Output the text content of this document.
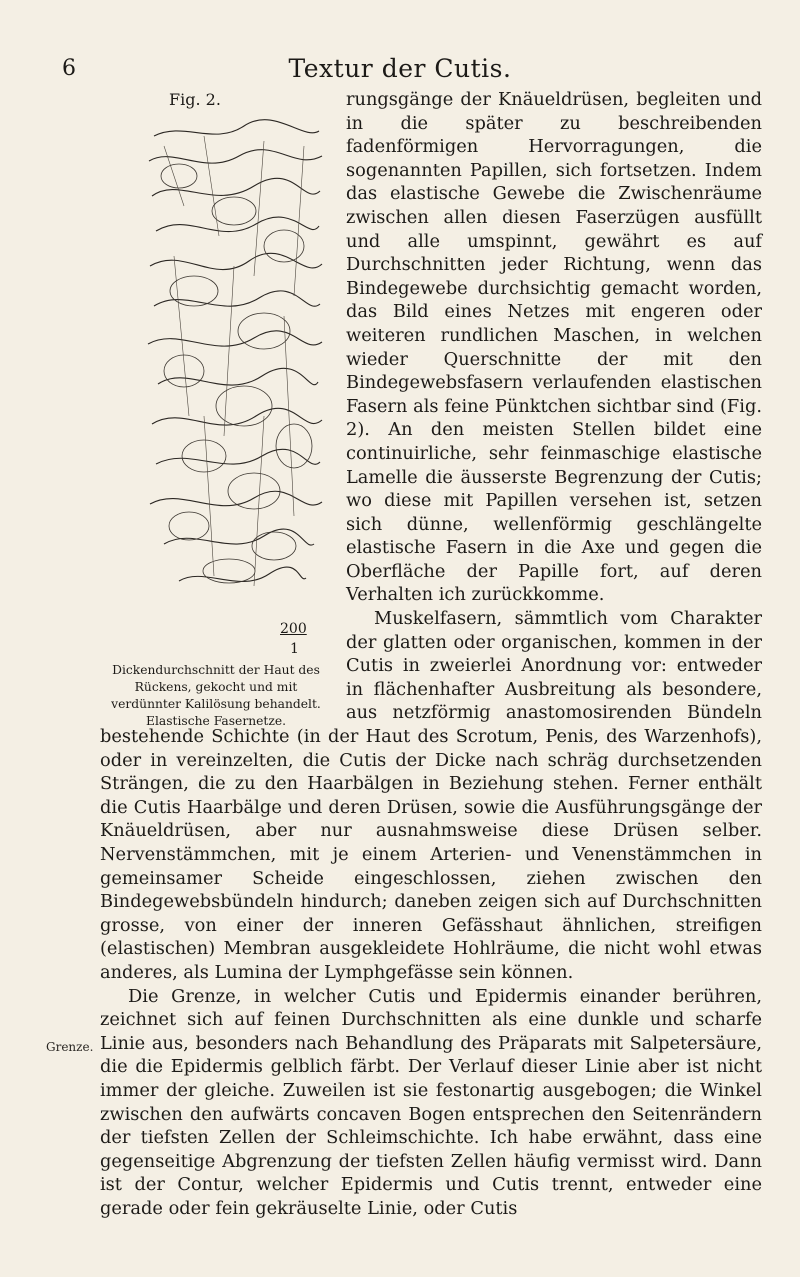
6	Textur der Cutis.
Grenze.
Fig. 2.
200
1
Dickendurchschnitt der Haut des Rückens, gekocht und mit verdünnter Kalilösung behandelt. Elastische Fasernetze.

rungsgänge der Knäueldrüsen, begleiten und in die später zu beschreibenden fadenförmigen Hervorragungen, die sogenannten Papillen, sich fortsetzen. Indem das elastische Gewebe die Zwischenräume zwischen allen diesen Faserzügen ausfüllt und alle umspinnt, gewährt es auf Durchschnitten jeder Richtung, wenn das Bindegewebe durchsichtig gemacht worden, das Bild eines Netzes mit engeren oder weiteren rundlichen Maschen, in welchen wieder Querschnitte der mit den Bindegewebsfasern verlaufenden elastischen Fasern als feine Pünktchen sichtbar sind (Fig. 2). An den meisten Stellen bildet eine continuirliche, sehr feinmaschige elastische Lamelle die äusserste Begrenzung der Cutis; wo diese mit Papillen versehen ist, setzen sich dünne, wellenförmig geschlängelte elastische Fasern in die Axe und gegen die Oberfläche der Papille fort, auf deren Verhalten ich zurückkomme.

Muskelfasern, sämmtlich vom Charakter der glatten oder organischen, kommen in der Cutis in zweierlei Anordnung vor: entweder in flächenhafter Ausbreitung als besondere, aus netzförmig anastomosirenden Bündeln bestehende Schichte (in der Haut des Scrotum, Penis, des Warzenhofs), oder in vereinzelten, die Cutis der Dicke nach schräg durchsetzenden Strängen, die zu den Haarbälgen in Beziehung stehen. Ferner enthält die Cutis Haarbälge und deren Drüsen, sowie die Ausführungsgänge der Knäueldrüsen, aber nur ausnahmsweise diese Drüsen selber. Nervenstämmchen, mit je einem Arterien- und Venenstämmchen in gemeinsamer Scheide eingeschlossen, ziehen zwischen den Bindegewebsbündeln hindurch; daneben zeigen sich auf Durchschnitten grosse, von einer der inneren Gefässhaut ähnlichen, streifigen (elastischen) Membran ausgekleidete Hohlräume, die nicht wohl etwas anderes, als Lumina der Lymphgefässe sein können.

Die Grenze, in welcher Cutis und Epidermis einander berühren, zeichnet sich auf feinen Durchschnitten als eine dunkle und scharfe Linie aus, besonders nach Behandlung des Präparats mit Salpetersäure, die die Epidermis gelblich färbt. Der Verlauf dieser Linie aber ist nicht immer der gleiche. Zuweilen ist sie festonartig ausgebogen; die Winkel zwischen den aufwärts concaven Bogen entsprechen den Seitenrändern der tiefsten Zellen der Schleimschichte. Ich habe erwähnt, dass eine gegenseitige Abgrenzung der tiefsten Zellen häufig vermisst wird. Dann ist der Contur, welcher Epidermis und Cutis trennt, entweder eine gerade oder fein gekräuselte Linie, oder Cutis
